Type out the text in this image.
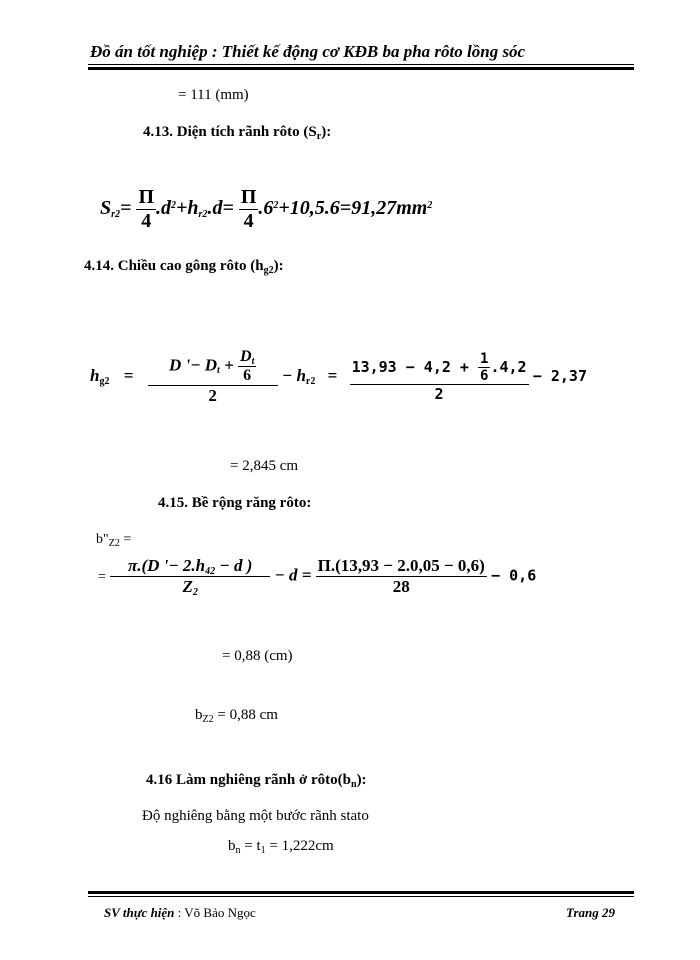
Đồ án tốt nghiệp : Thiết kế động cơ KĐB ba pha rôto lồng sóc
= 111 (mm)
4.13. Diện tích rãnh rôto $(S_r)$:
$Sr2= \frac{\Pi}{4} .d^2+hr2.d= \frac{\Pi}{4} .6^2+10,5.6=91,27mm^2$
4.14. Chiều cao gông rôto $(h_{g2})$:
$hg2 = \frac{D '- Dt + \frac{Dt}{6}}{2} - hr2 = \frac{13,93 - 4,2 + \frac{1}{6} .4,2}{2} - 2,37$
= 2,845 cm
4.15. Bề rộng răng rôto:
$b"_{Z2}$ =
= $\frac{\pi.(D '- 2.h42 - d )}{Z2} - d = \frac{\Pi.(13,93 - 2.0,05 - 0,6)}{28} - 0,6$
= 0,88 (cm)
$b_{Z2} = 0,88$ cm
4.16 Làm nghiêng rãnh ở $rôto(b_n)$:
Độ nghiêng bằng một bước rãnh stato
$b_n = t_1 = 1,222cm$
SV thực hiện : Võ Bảo Ngọc	Trang 29
